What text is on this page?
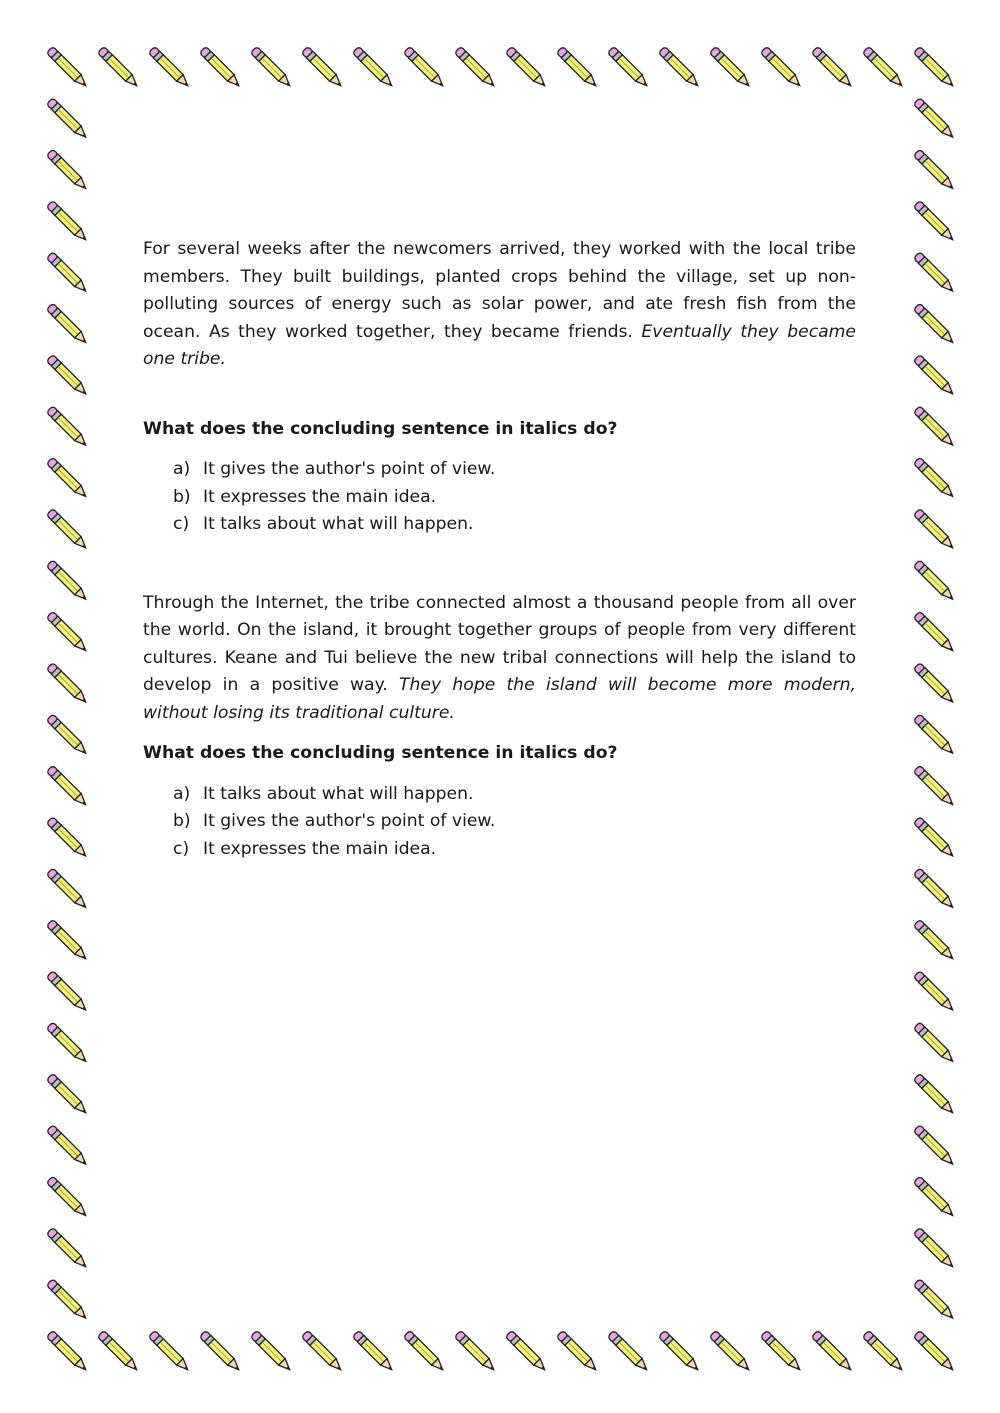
For several weeks after the newcomers arrived, they worked with the local tribe members. They built buildings, planted crops behind the village, set up non-polluting sources of energy such as solar power, and ate fresh fish from the ocean. As they worked together, they became friends. Eventually they became one tribe.

What does the concluding sentence in italics do?

a) It gives the author's point of view.
b) It expresses the main idea.
c) It talks about what will happen.

Through the Internet, the tribe connected almost a thousand people from all over the world. On the island, it brought together groups of people from very different cultures. Keane and Tui believe the new tribal connections will help the island to develop in a positive way. They hope the island will become more modern, without losing its traditional culture.

What does the concluding sentence in italics do?

a) It talks about what will happen.
b) It gives the author's point of view.
c) It expresses the main idea.
